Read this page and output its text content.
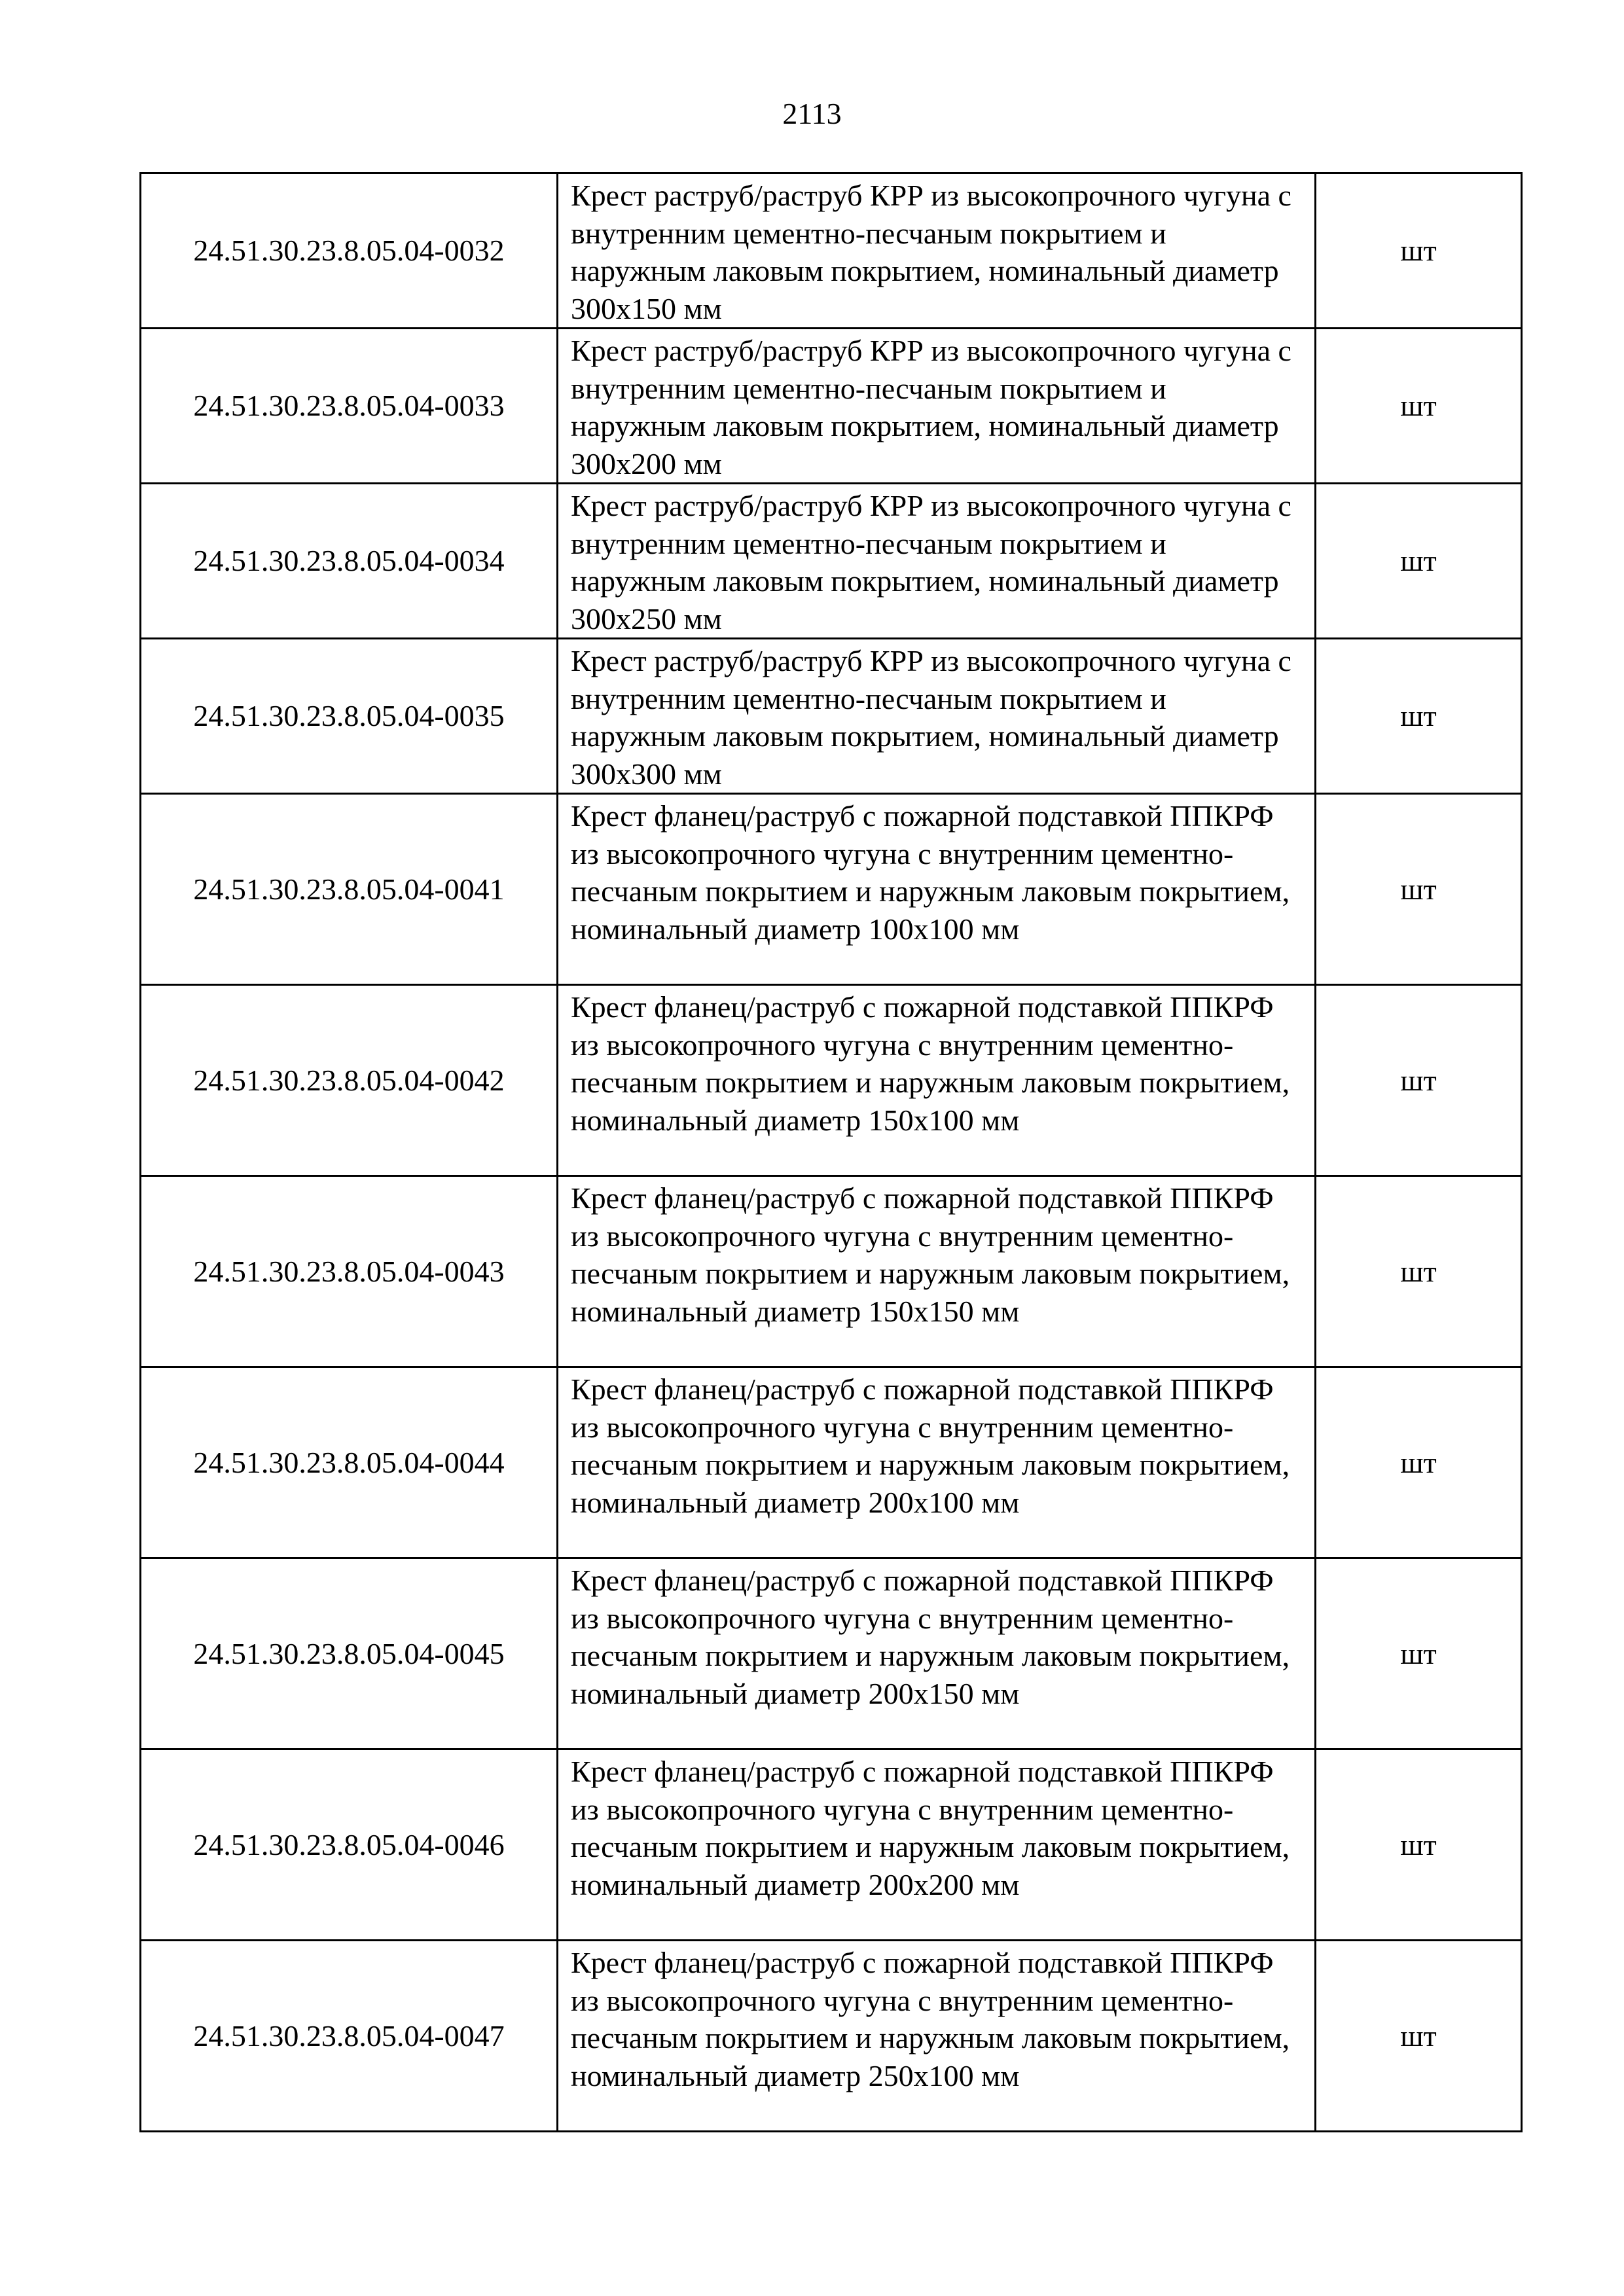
2113
24.51.30.23.8.05.04-0032	Крест раструб/раструб КРР из высокопрочного чугуна с внутренним цементно-песчаным покрытием и наружным лаковым покрытием, номинальный диаметр 300х150 мм	шт
24.51.30.23.8.05.04-0033	Крест раструб/раструб КРР из высокопрочного чугуна с внутренним цементно-песчаным покрытием и наружным лаковым покрытием, номинальный диаметр 300х200 мм	шт
24.51.30.23.8.05.04-0034	Крест раструб/раструб КРР из высокопрочного чугуна с внутренним цементно-песчаным покрытием и наружным лаковым покрытием, номинальный диаметр 300х250 мм	шт
24.51.30.23.8.05.04-0035	Крест раструб/раструб КРР из высокопрочного чугуна с внутренним цементно-песчаным покрытием и наружным лаковым покрытием, номинальный диаметр 300х300 мм	шт
24.51.30.23.8.05.04-0041	Крест фланец/раструб с пожарной подставкой ППКРФ из высокопрочного чугуна с внутренним цементно-песчаным покрытием и наружным лаковым покрытием, номинальный диаметр 100х100 мм	шт
24.51.30.23.8.05.04-0042	Крест фланец/раструб с пожарной подставкой ППКРФ из высокопрочного чугуна с внутренним цементно-песчаным покрытием и наружным лаковым покрытием, номинальный диаметр 150х100 мм	шт
24.51.30.23.8.05.04-0043	Крест фланец/раструб с пожарной подставкой ППКРФ из высокопрочного чугуна с внутренним цементно-песчаным покрытием и наружным лаковым покрытием, номинальный диаметр 150х150 мм	шт
24.51.30.23.8.05.04-0044	Крест фланец/раструб с пожарной подставкой ППКРФ из высокопрочного чугуна с внутренним цементно-песчаным покрытием и наружным лаковым покрытием, номинальный диаметр 200х100 мм	шт
24.51.30.23.8.05.04-0045	Крест фланец/раструб с пожарной подставкой ППКРФ из высокопрочного чугуна с внутренним цементно-песчаным покрытием и наружным лаковым покрытием, номинальный диаметр 200х150 мм	шт
24.51.30.23.8.05.04-0046	Крест фланец/раструб с пожарной подставкой ППКРФ из высокопрочного чугуна с внутренним цементно-песчаным покрытием и наружным лаковым покрытием, номинальный диаметр 200х200 мм	шт
24.51.30.23.8.05.04-0047	Крест фланец/раструб с пожарной подставкой ППКРФ из высокопрочного чугуна с внутренним цементно-песчаным покрытием и наружным лаковым покрытием, номинальный диаметр 250х100 мм	шт
